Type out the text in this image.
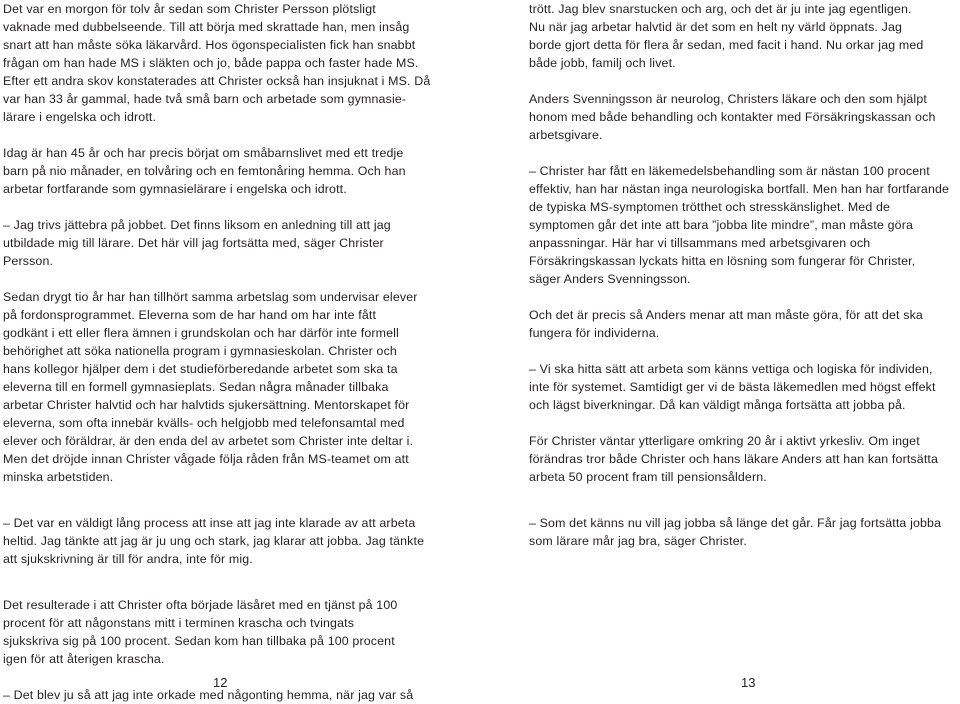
Det var en morgon för tolv år sedan som Christer Persson plötsligt

vaknade med dubbelseende. Till att börja med skrattade han, men insåg

snart att han måste söka läkarvård. Hos ögonspecialisten fick han snabbt

frågan om han hade MS i släkten och jo, både pappa och faster hade MS.

Efter ett andra skov konstaterades att Christer också han insjuknat i MS. Då

var han 33 år gammal, hade två små barn och arbetade som gymnasie-

lärare i engelska och idrott.

Idag är han 45 år och har precis börjat om småbarnslivet med ett tredje

barn på nio månader, en tolvåring och en femtonåring hemma. Och han

arbetar fortfarande som gymnasielärare i engelska och idrott.

– Jag trivs jättebra på jobbet. Det finns liksom en anledning till att jag

utbildade mig till lärare. Det här vill jag fortsätta med, säger Christer

Persson.

Sedan drygt tio år har han tillhört samma arbetslag som undervisar elever

på fordonsprogrammet. Eleverna som de har hand om har inte fått

godkänt i ett eller flera ämnen i grundskolan och har därför inte formell

behörighet att söka nationella program i gymnasieskolan. Christer och

hans kollegor hjälper dem i det studieförberedande arbetet som ska ta

eleverna till en formell gymnasieplats. Sedan några månader tillbaka

arbetar Christer halvtid och har halvtids sjukersättning. Mentorskapet för

eleverna, som ofta innebär kvälls- och helgjobb med telefonsamtal med

elever och föräldrar, är den enda del av arbetet som Christer inte deltar i.

Men det dröjde innan Christer vågade följa råden från MS-teamet om att

minska arbetstiden.

– Det var en väldigt lång process att inse att jag inte klarade av att arbeta

heltid. Jag tänkte att jag är ju ung och stark, jag klarar att jobba. Jag tänkte

att sjukskrivning är till för andra, inte för mig.

Det resulterade i att Christer ofta började läsåret med en tjänst på 100

procent för att någonstans mitt i terminen krascha och tvingats

sjukskriva sig på 100 procent. Sedan kom han tillbaka på 100 procent

igen för att återigen krascha.

– Det blev ju så att jag inte orkade med någonting hemma, när jag var så

trött. Jag blev snarstucken och arg, och det är ju inte jag egentligen.

Nu när jag arbetar halvtid är det som en helt ny värld öppnats. Jag

borde gjort detta för flera år sedan, med facit i hand. Nu orkar jag med

både jobb, familj och livet.

Anders Svenningsson är neurolog, Christers läkare och den som hjälpt

honom med både behandling och kontakter med Försäkringskassan och

arbetsgivare.

– Christer har fått en läkemedelsbehandling som är nästan 100 procent

effektiv, han har nästan inga neurologiska bortfall. Men han har fortfarande

de typiska MS-symptomen trötthet och stresskänslighet. Med de

symptomen går det inte att bara ”jobba lite mindre”, man måste göra

anpassningar. Här har vi tillsammans med arbetsgivaren och

Försäkringskassan lyckats hitta en lösning som fungerar för Christer,

säger Anders Svenningsson.

Och det är precis så Anders menar att man måste göra, för att det ska

fungera för individerna.

– Vi ska hitta sätt att arbeta som känns vettiga och logiska för individen,

inte för systemet. Samtidigt ger vi de bästa läkemedlen med högst effekt

och lägst biverkningar. Då kan väldigt många fortsätta att jobba på.

För Christer väntar ytterligare omkring 20 år i aktivt yrkesliv. Om inget

förändras tror både Christer och hans läkare Anders att han kan fortsätta

arbeta 50 procent fram till pensionsåldern.

– Som det känns nu vill jag jobba så länge det går. Får jag fortsätta jobba

som lärare mår jag bra, säger Christer.

12	13
